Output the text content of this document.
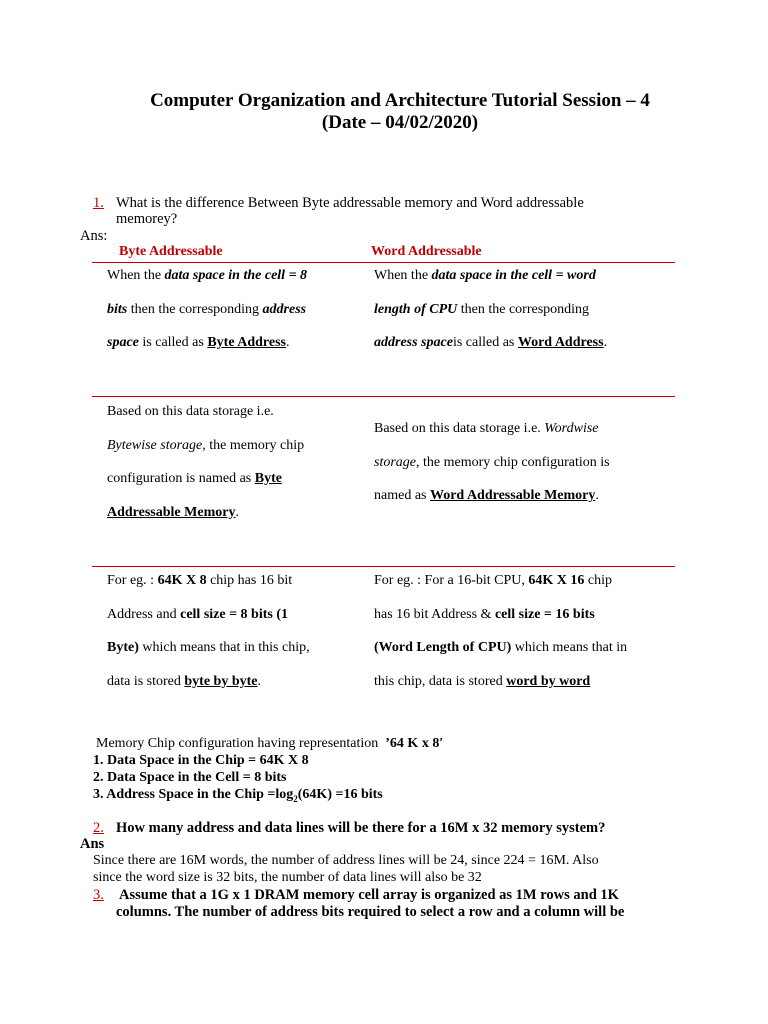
Computer Organization and Architecture Tutorial Session – 4
(Date – 04/02/2020)
1. What is the difference Between Byte addressable memory and Word addressable
memorey?
Ans:
Byte Addressable	Word Addressable
When the data space in the cell = 8
bits then the corresponding address
space is called as Byte Address.
When the data space in the cell = word
length of CPU then the corresponding
address spaceis called as Word Address.
Based on this data storage i.e.
Bytewise storage, the memory chip
configuration is named as Byte
Addressable Memory.
Based on this data storage i.e. Wordwise
storage, the memory chip configuration is
named as Word Addressable Memory.
For eg. : 64K X 8 chip has 16 bit
Address and cell size = 8 bits (1
Byte) which means that in this chip,
data is stored byte by byte.
For eg. : For a 16-bit CPU, 64K X 16 chip
has 16 bit Address & cell size = 16 bits
(Word Length of CPU) which means that in
this chip, data is stored word by word
Memory Chip configuration having representation ’64 K x 8′
1. Data Space in the Chip = 64K X 8
2. Data Space in the Cell = 8 bits
3. Address Space in the Chip $=\log_2(64K) =16$ bits
2. How many address and data lines will be there for a 16M x 32 memory system?
Ans
Since there are 16M words, the number of address lines will be 24, since 224 = 16M. Also
since the word size is 32 bits, the number of data lines will also be 32
3. Assume that a 1G x 1 DRAM memory cell array is organized as 1M rows and 1K
columns. The number of address bits required to select a row and a column will be
